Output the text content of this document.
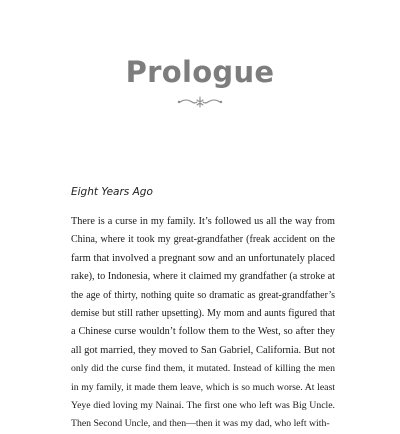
Prologue

Eight Years Ago

There is a curse in my family. It’s followed us all the way from
China, where it took my great-grandfather (freak accident on the
farm that involved a pregnant sow and an unfortunately placed
rake), to Indonesia, where it claimed my grandfather (a stroke at
the age of thirty, nothing quite so dramatic as great-grandfather’s
demise but still rather upsetting). My mom and aunts figured that
a Chinese curse wouldn’t follow them to the West, so after they
all got married, they moved to San Gabriel, California. But not
only did the curse find them, it mutated. Instead of killing the men
in my family, it made them leave, which is so much worse. At least
Yeye died loving my Nainai. The first one who left was Big Uncle.
Then Second Uncle, and then—then it was my dad, who left with-
